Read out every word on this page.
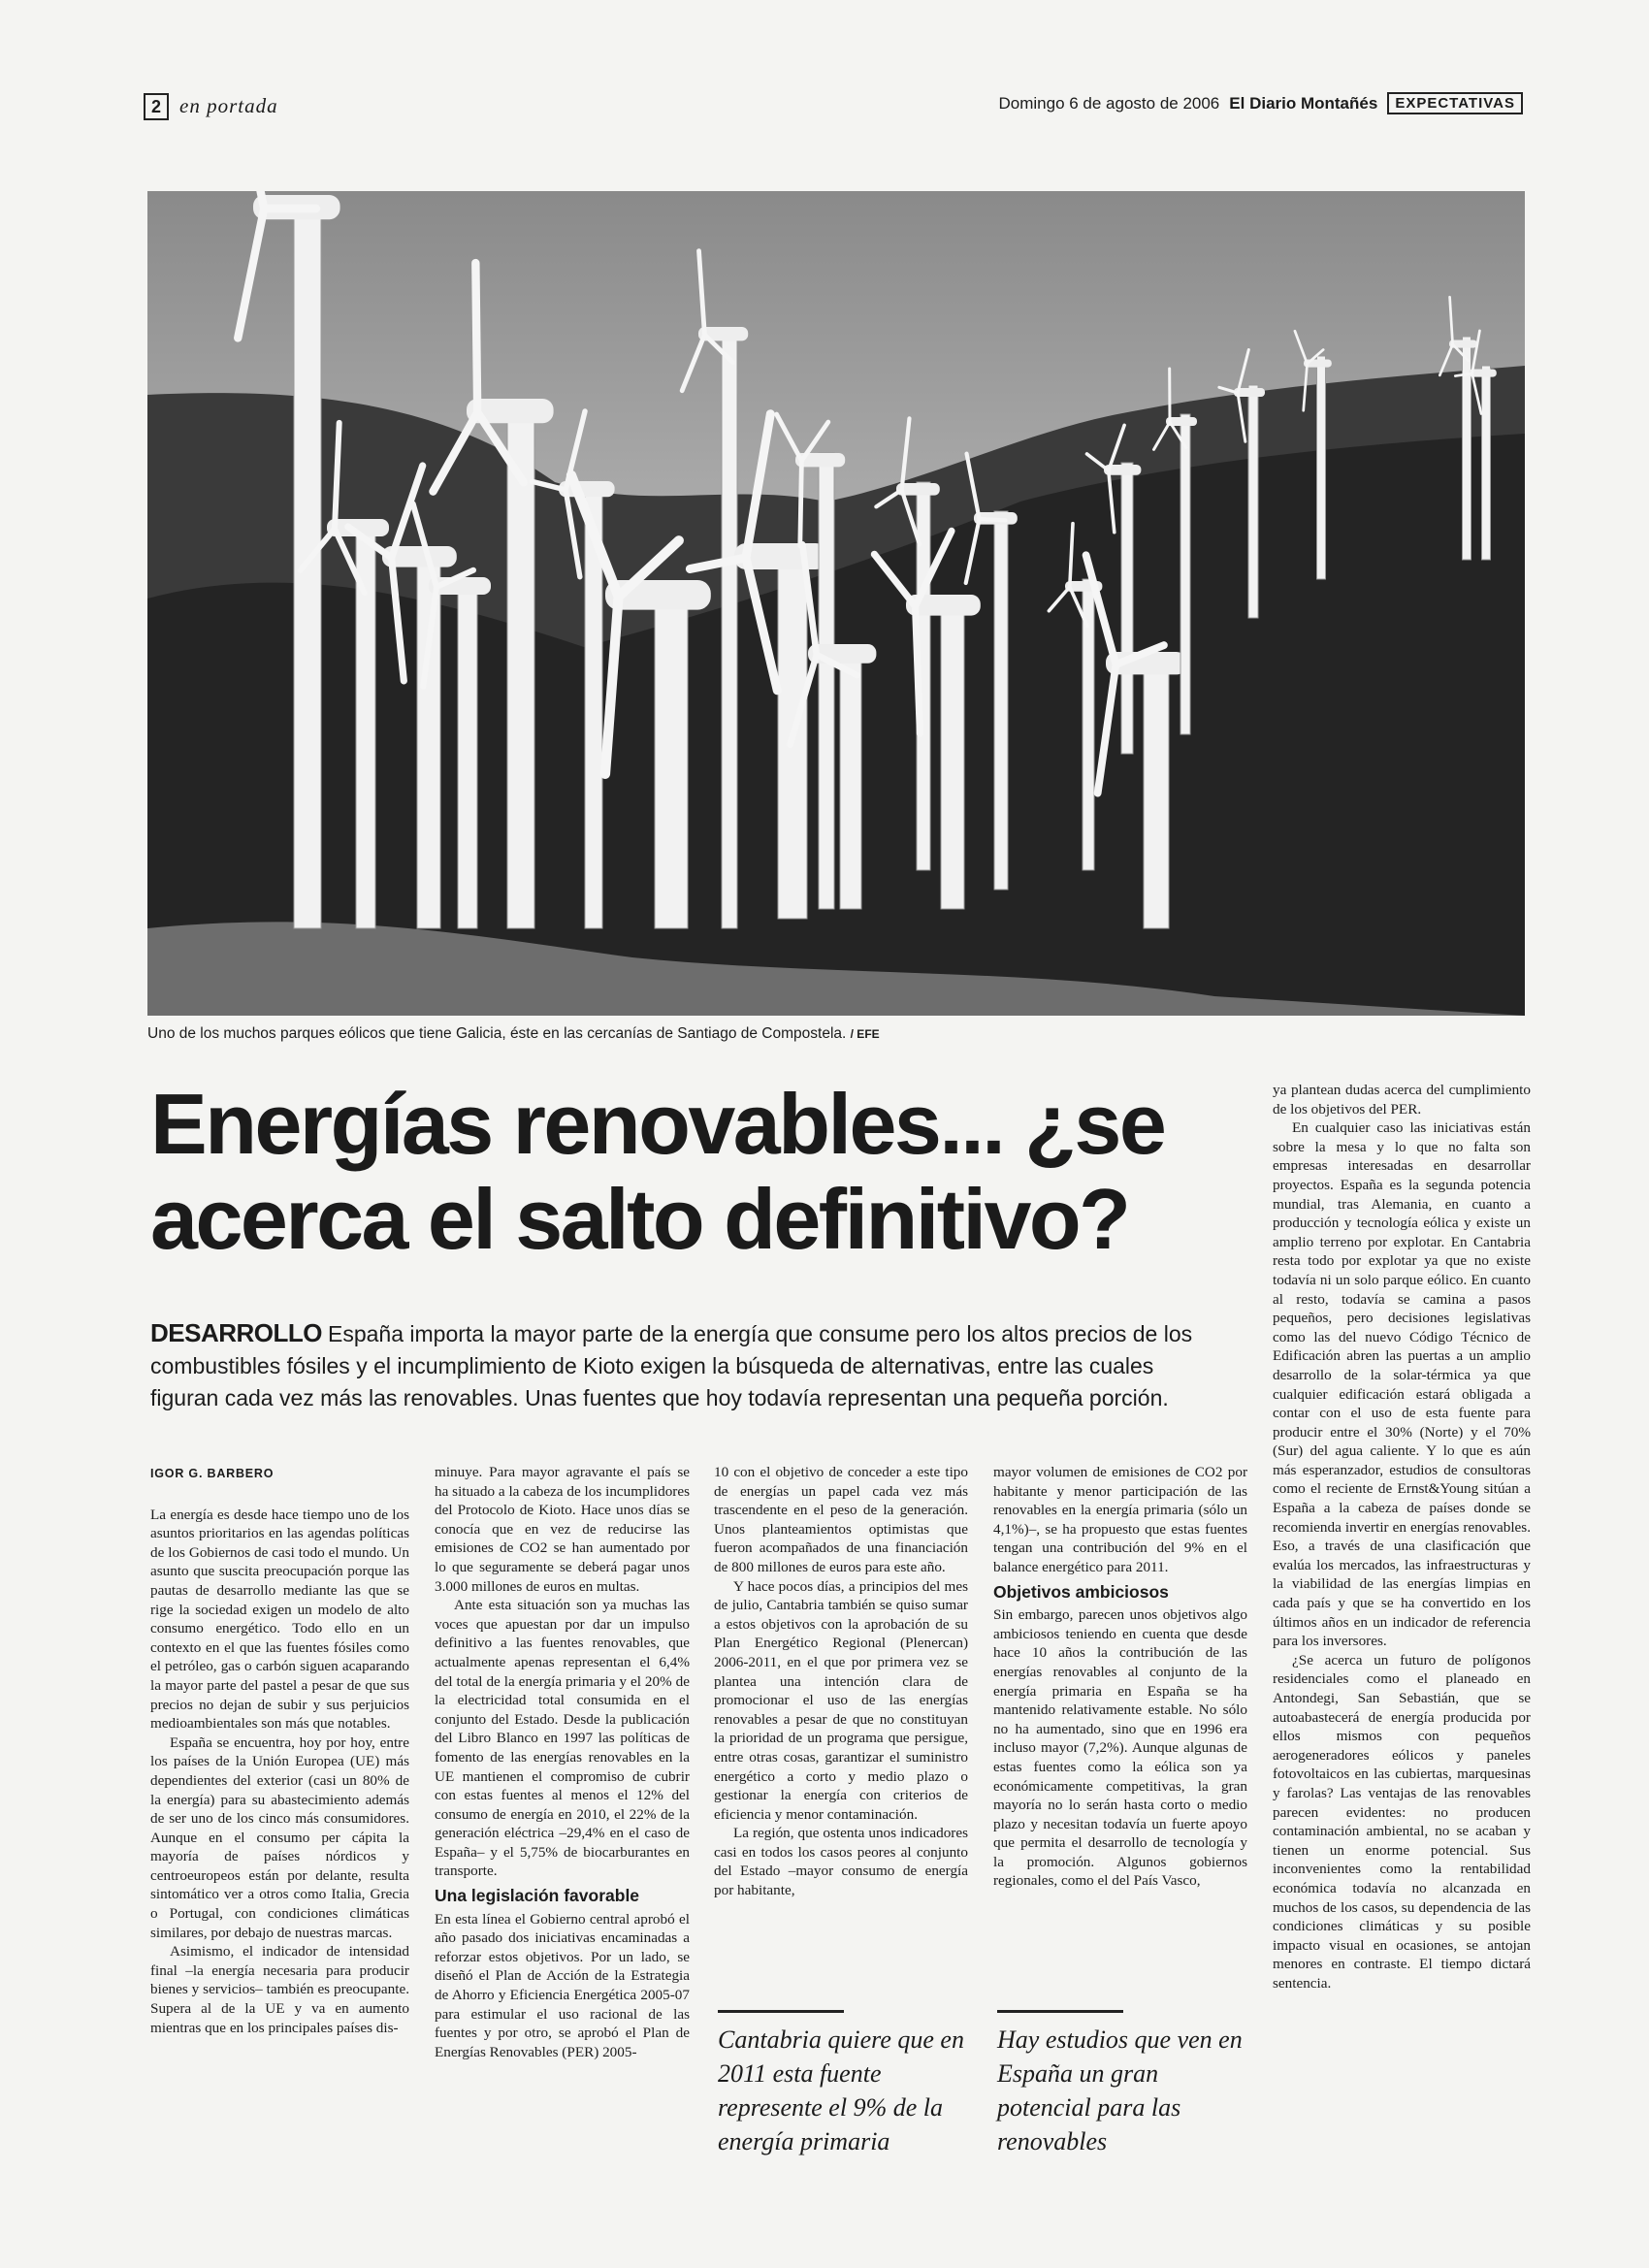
2 en portada	Domingo 6 de agosto de 2006 El Diario Montañés	EXPECTATIVAS
Uno de los muchos parques eólicos que tiene Galicia, éste en las cercanías de Santiago de Compostela. / EFE
Energías renovables... ¿se acerca el salto definitivo?
DESARROLLO España importa la mayor parte de la energía que consume pero los altos precios de los combustibles fósiles y el incumplimiento de Kioto exigen la búsqueda de alternativas, entre las cuales figuran cada vez más las renovables. Unas fuentes que hoy todavía representan una pequeña porción.
IGOR G. BARBERO

La energía es desde hace tiempo uno de los asuntos prioritarios en las agendas políticas de los Gobiernos de casi todo el mundo. Un asunto que suscita preocupación porque las pautas de desarrollo mediante las que se rige la sociedad exigen un modelo de alto consumo energético. Todo ello en un contexto en el que las fuentes fósiles como el petróleo, gas o carbón siguen acaparando la mayor parte del pastel a pesar de que sus precios no dejan de subir y sus perjuicios medioambientales son más que notables.

España se encuentra, hoy por hoy, entre los países de la Unión Europea (UE) más dependientes del exterior (casi un 80% de la energía) para su abastecimiento además de ser uno de los cinco más consumidores. Aunque en el consumo per cápita la mayoría de países nórdicos y centroeuropeos están por delante, resulta sintomático ver a otros como Italia, Grecia o Portugal, con condiciones climáticas similares, por debajo de nuestras marcas.

Asimismo, el indicador de intensidad final –la energía necesaria para producir bienes y servicios– también es preocupante. Supera al de la UE y va en aumento mientras que en los principales países dis-

minuye. Para mayor agravante el país se ha situado a la cabeza de los incumplidores del Protocolo de Kioto. Hace unos días se conocía que en vez de reducirse las emisiones de CO2 se han aumentado por lo que seguramente se deberá pagar unos 3.000 millones de euros en multas.

Ante esta situación son ya muchas las voces que apuestan por dar un impulso definitivo a las fuentes renovables, que actualmente apenas representan el 6,4% del total de la energía primaria y el 20% de la electricidad total consumida en el conjunto del Estado. Desde la publicación del Libro Blanco en 1997 las políticas de fomento de las energías renovables en la UE mantienen el compromiso de cubrir con estas fuentes al menos el 12% del consumo de energía en 2010, el 22% de la generación eléctrica –29,4% en el caso de España– y el 5,75% de biocarburantes en transporte.

Una legislación favorable

En esta línea el Gobierno central aprobó el año pasado dos iniciativas encaminadas a reforzar estos objetivos. Por un lado, se diseñó el Plan de Acción de la Estrategia de Ahorro y Eficiencia Energética 2005-07 para estimular el uso racional de las fuentes y por otro, se aprobó el Plan de Energías Renovables (PER) 2005-

10 con el objetivo de conceder a este tipo de energías un papel cada vez más trascendente en el peso de la generación. Unos planteamientos optimistas que fueron acompañados de una financiación de 800 millones de euros para este año.

Y hace pocos días, a principios del mes de julio, Cantabria también se quiso sumar a estos objetivos con la aprobación de su Plan Energético Regional (Plenercan) 2006-2011, en el que por primera vez se plantea una intención clara de promocionar el uso de las energías renovables a pesar de que no constituyan la prioridad de un programa que persigue, entre otras cosas, garantizar el suministro energético a corto y medio plazo o gestionar la energía con criterios de eficiencia y menor contaminación.

La región, que ostenta unos indicadores casi en todos los casos peores al conjunto del Estado –mayor consumo de energía por habitante,

Cantabria quiere que en 2011 esta fuente represente el 9% de la energía primaria

mayor volumen de emisiones de CO2 por habitante y menor participación de las renovables en la energía primaria (sólo un 4,1%)–, se ha propuesto que estas fuentes tengan una contribución del 9% en el balance energético para 2011.

Objetivos ambiciosos

Sin embargo, parecen unos objetivos algo ambiciosos teniendo en cuenta que desde hace 10 años la contribución de las energías renovables al conjunto de la energía primaria en España se ha mantenido relativamente estable. No sólo no ha aumentado, sino que en 1996 era incluso mayor (7,2%). Aunque algunas de estas fuentes como la eólica son ya económicamente competitivas, la gran mayoría no lo serán hasta corto o medio plazo y necesitan todavía un fuerte apoyo que permita el desarrollo de tecnología y la promoción. Algunos gobiernos regionales, como el del País Vasco,

Hay estudios que ven en España un gran potencial para las renovables

ya plantean dudas acerca del cumplimiento de los objetivos del PER.

En cualquier caso las iniciativas están sobre la mesa y lo que no falta son empresas interesadas en desarrollar proyectos. España es la segunda potencia mundial, tras Alemania, en cuanto a producción y tecnología eólica y existe un amplio terreno por explotar. En Cantabria resta todo por explotar ya que no existe todavía ni un solo parque eólico. En cuanto al resto, todavía se camina a pasos pequeños, pero decisiones legislativas como las del nuevo Código Técnico de Edificación abren las puertas a un amplio desarrollo de la solar-térmica ya que cualquier edificación estará obligada a contar con el uso de esta fuente para producir entre el 30% (Norte) y el 70% (Sur) del agua caliente. Y lo que es aún más esperanzador, estudios de consultoras como el reciente de Ernst&Young sitúan a España a la cabeza de países donde se recomienda invertir en energías renovables. Eso, a través de una clasificación que evalúa los mercados, las infraestructuras y la viabilidad de las energías limpias en cada país y que se ha convertido en los últimos años en un indicador de referencia para los inversores.

¿Se acerca un futuro de polígonos residenciales como el planeado en Antondegi, San Sebastián, que se autoabastecerá de energía producida por ellos mismos con pequeños aerogeneradores eólicos y paneles fotovoltaicos en las cubiertas, marquesinas y farolas? Las ventajas de las renovables parecen evidentes: no producen contaminación ambiental, no se acaban y tienen un enorme potencial. Sus inconvenientes como la rentabilidad económica todavía no alcanzada en muchos de los casos, su dependencia de las condiciones climáticas y su posible impacto visual en ocasiones, se antojan menores en contraste. El tiempo dictará sentencia.
